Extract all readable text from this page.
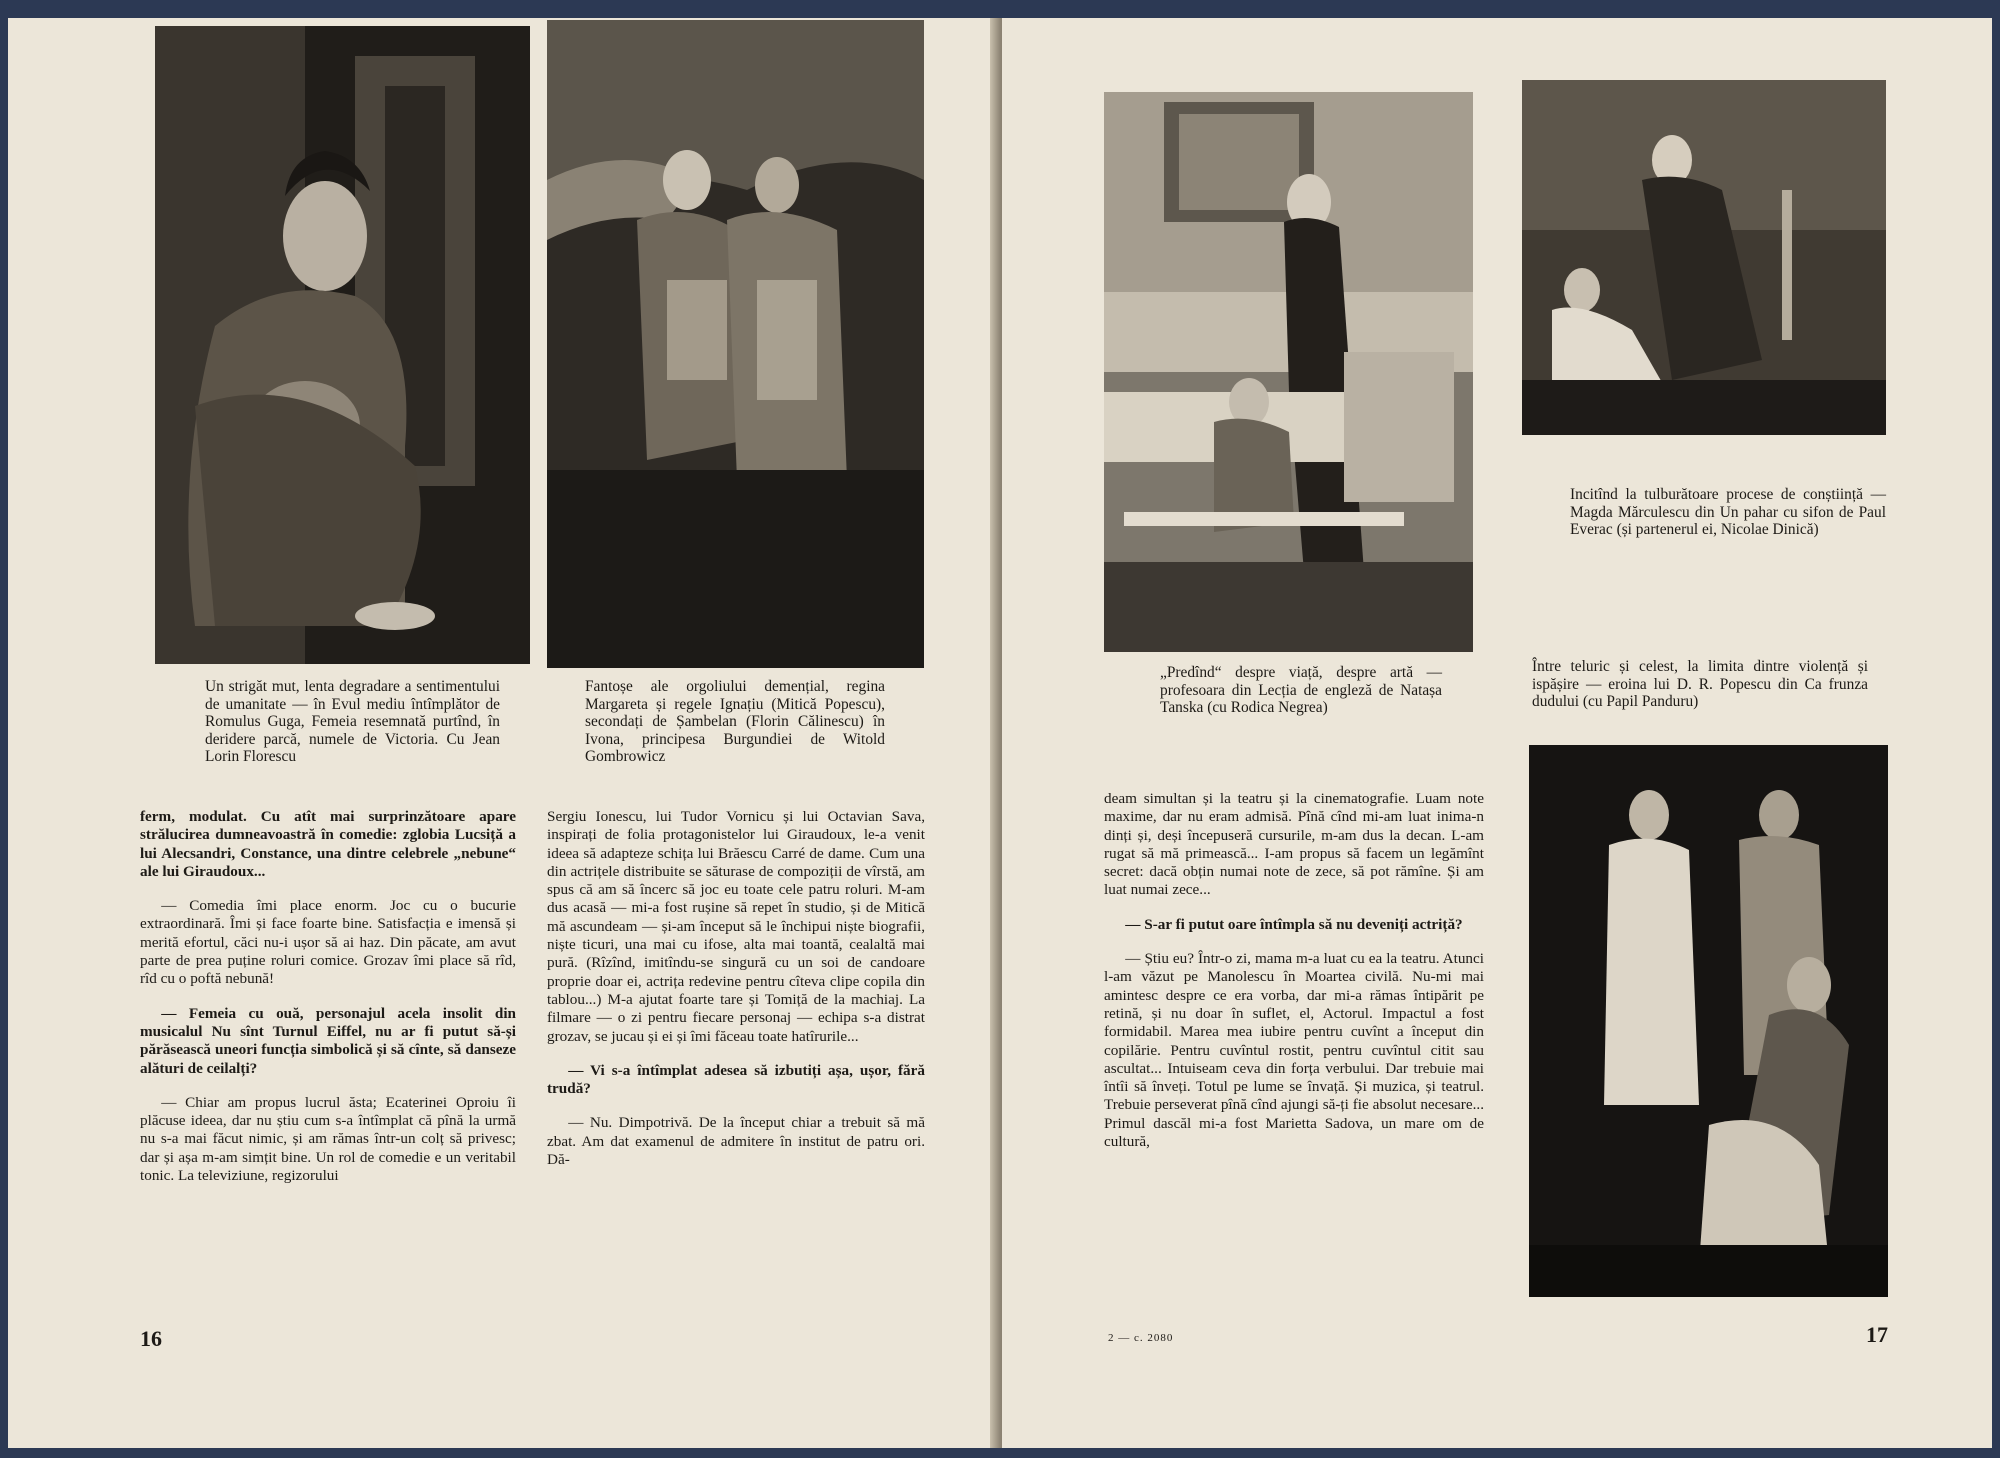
Un strigăt mut, lenta degradare a sentimentului de umanitate — în Evul mediu întîmplător de Romulus Guga, Femeia resemnată purtînd, în deridere parcă, numele de Victoria. Cu Jean Lorin Florescu
Fantoșe ale orgoliului demențial, regina Margareta și regele Ignațiu (Mitică Popescu), secondați de Șambelan (Florin Călinescu) în Ivona, principesa Burgundiei de Witold Gombrowicz

ferm, modulat. Cu atît mai surprinzătoare apare strălucirea dumneavoastră în comedie: zglobia Lucsiță a lui Alecsandri, Constance, una dintre celebrele „nebune“ ale lui Giraudoux...

— Comedia îmi place enorm. Joc cu o bucurie extraordinară. Îmi și face foarte bine. Satisfacția e imensă și merită efortul, căci nu-i ușor să ai haz. Din păcate, am avut parte de prea puține roluri comice. Grozav îmi place să rîd, rîd cu o poftă nebună!

— Femeia cu ouă, personajul acela insolit din musicalul Nu sînt Turnul Eiffel, nu ar fi putut să-și părăsească uneori funcția simbolică și să cînte, să danseze alături de ceilalți?

— Chiar am propus lucrul ăsta; Ecaterinei Oproiu îi plăcuse ideea, dar nu știu cum s-a întîmplat că pînă la urmă nu s-a mai făcut nimic, și am rămas într-un colț să privesc; dar și așa m-am simțit bine. Un rol de comedie e un veritabil tonic. La televiziune, regizorului

Sergiu Ionescu, lui Tudor Vornicu și lui Octavian Sava, inspirați de folia protagonistelor lui Giraudoux, le-a venit ideea să adapteze schița lui Brăescu Carré de dame. Cum una din actrițele distribuite se săturase de compoziții de vîrstă, am spus că am să încerc să joc eu toate cele patru roluri. M-am dus acasă — mi-a fost rușine să repet în studio, și de Mitică mă ascundeam — și-am început să le închipui niște biografii, niște ticuri, una mai cu ifose, alta mai toantă, cealaltă mai pură. (Rîzînd, imitîndu-se singură cu un soi de candoare proprie doar ei, actrița redevine pentru cîteva clipe copila din tablou...) M-a ajutat foarte tare și Tomiță de la machiaj. La filmare — o zi pentru fiecare personaj — echipa s-a distrat grozav, se jucau și ei și îmi făceau toate hatîrurile...

— Vi s-a întîmplat adesea să izbutiți așa, ușor, fără trudă?

— Nu. Dimpotrivă. De la început chiar a trebuit să mă zbat. Am dat examenul de admitere în institut de patru ori. Dă-

16
„Predînd“ despre viață, despre artă — profesoara din Lecția de engleză de Natașa Tanska (cu Rodica Negrea)
Incitînd la tulburătoare procese de conștiință — Magda Mărculescu din Un pahar cu sifon de Paul Everac (și partenerul ei, Nicolae Dinică)
Între teluric și celest, la limita dintre violență și ispășire — eroina lui D. R. Popescu din Ca frunza dudului (cu Papil Panduru)

deam simultan și la teatru și la cinematografie. Luam note maxime, dar nu eram admisă. Pînă cînd mi-am luat inima-n dinți și, deși începuseră cursurile, m-am dus la decan. L-am rugat să mă primească... I-am propus să facem un legămînt secret: dacă obțin numai note de zece, să pot rămîne. Și am luat numai zece...

— S-ar fi putut oare întîmpla să nu deveniți actriță?

— Știu eu? Într-o zi, mama m-a luat cu ea la teatru. Atunci l-am văzut pe Manolescu în Moartea civilă. Nu-mi mai amintesc despre ce era vorba, dar mi-a rămas întipărit pe retină, și nu doar în suflet, el, Actorul. Impactul a fost formidabil. Marea mea iubire pentru cuvînt a început din copilărie. Pentru cuvîntul rostit, pentru cuvîntul citit sau ascultat... Intuiseam ceva din forța verbului. Dar trebuie mai întîi să înveți. Totul pe lume se învață. Și muzica, și teatrul. Trebuie perseverat pînă cînd ajungi să-ți fie absolut necesare... Primul dascăl mi-a fost Marietta Sadova, un mare om de cultură,

2 — c. 2080	17
